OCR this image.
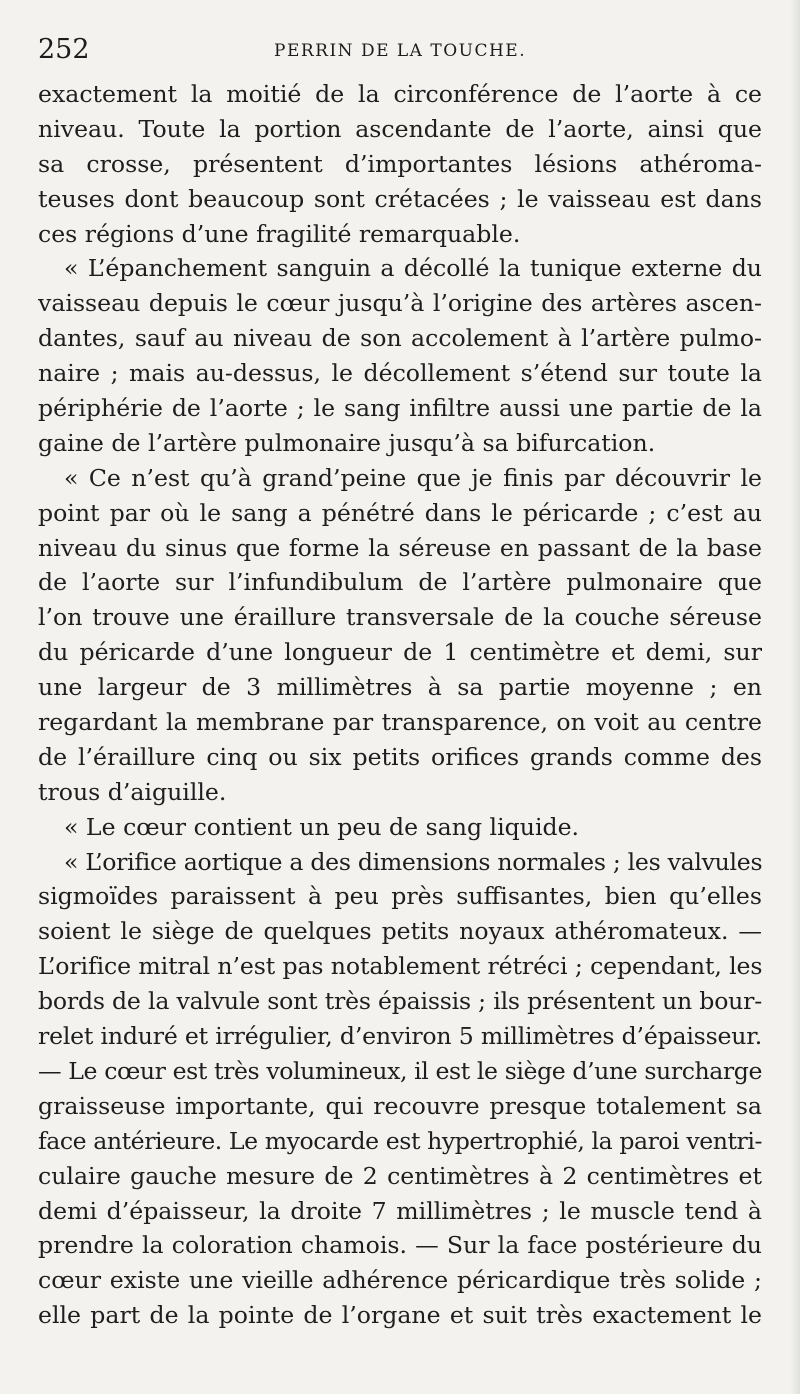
252	PERRIN DE LA TOUCHE.
exactement la moitié de la circonférence de l’aorte à ce
niveau. Toute la portion ascendante de l’aorte, ainsi que
sa crosse, présentent d’importantes lésions athéroma-
teuses dont beaucoup sont crétacées ; le vaisseau est dans
ces régions d’une fragilité remarquable.
« L’épanchement sanguin a décollé la tunique externe du
vaisseau depuis le cœur jusqu’à l’origine des artères ascen-
dantes, sauf au niveau de son accolement à l’artère pulmo-
naire ; mais au-dessus, le décollement s’étend sur toute la
périphérie de l’aorte ; le sang infiltre aussi une partie de la
gaine de l’artère pulmonaire jusqu’à sa bifurcation.
« Ce n’est qu’à grand’peine que je finis par découvrir le
point par où le sang a pénétré dans le péricarde ; c’est au
niveau du sinus que forme la séreuse en passant de la base
de l’aorte sur l’infundibulum de l’artère pulmonaire que
l’on trouve une éraillure transversale de la couche séreuse
du péricarde d’une longueur de 1 centimètre et demi, sur
une largeur de 3 millimètres à sa partie moyenne ; en
regardant la membrane par transparence, on voit au centre
de l’éraillure cinq ou six petits orifices grands comme des
trous d’aiguille.
« Le cœur contient un peu de sang liquide.
« L’orifice aortique a des dimensions normales ; les valvules
sigmoïdes paraissent à peu près suffisantes, bien qu’elles
soient le siège de quelques petits noyaux athéromateux. —
L’orifice mitral n’est pas notablement rétréci ; cependant, les
bords de la valvule sont très épaissis ; ils présentent un bour-
relet induré et irrégulier, d’environ 5 millimètres d’épaisseur.
— Le cœur est très volumineux, il est le siège d’une surcharge
graisseuse importante, qui recouvre presque totalement sa
face antérieure. Le myocarde est hypertrophié, la paroi ventri-
culaire gauche mesure de 2 centimètres à 2 centimètres et
demi d’épaisseur, la droite 7 millimètres ; le muscle tend à
prendre la coloration chamois. — Sur la face postérieure du
cœur existe une vieille adhérence péricardique très solide ;
elle part de la pointe de l’organe et suit très exactement le
